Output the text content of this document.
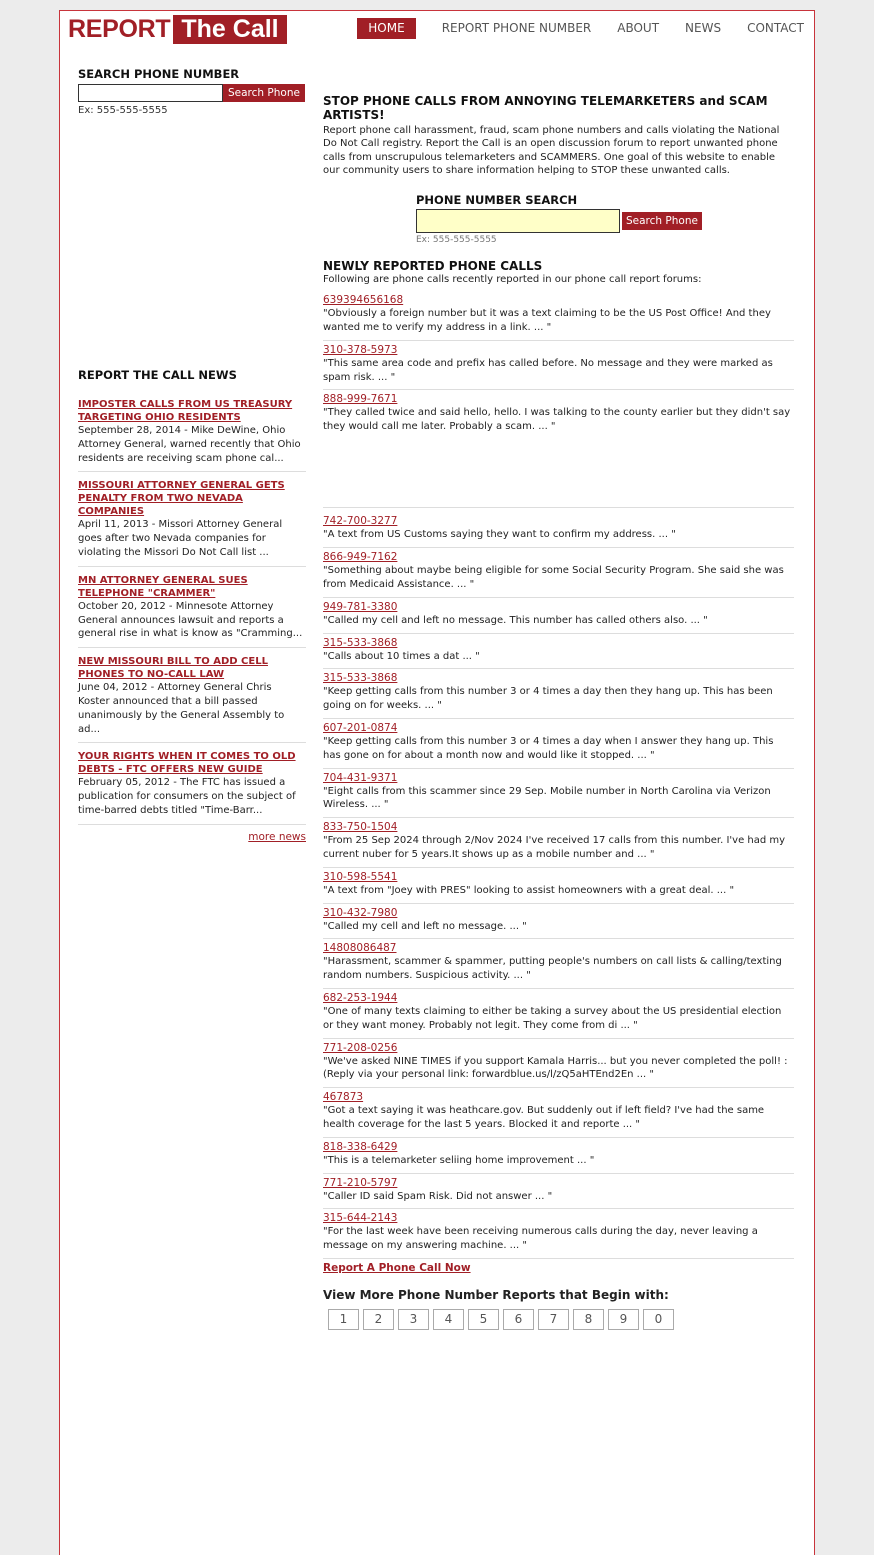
REPORT The Call	HOME	REPORT PHONE NUMBER ABOUT NEWS CONTACT
SEARCH PHONE NUMBER
Search Phone
Ex: 555-555-5555
REPORT THE CALL NEWS
IMPOSTER CALLS FROM US TREASURY TARGETING OHIO RESIDENTS

September 28, 2014 - Mike DeWine, Ohio Attorney General, warned recently that Ohio residents are receiving scam phone cal...

MISSOURI ATTORNEY GENERAL GETS PENALTY FROM TWO NEVADA COMPANIES

April 11, 2013 - Missori Attorney General goes after two Nevada companies for violating the Missori Do Not Call list ...

MN ATTORNEY GENERAL SUES TELEPHONE "CRAMMER"

October 20, 2012 - Minnesote Attorney General announces lawsuit and reports a general rise in what is know as "Cramming...

NEW MISSOURI BILL TO ADD CELL PHONES TO NO-CALL LAW

June 04, 2012 - Attorney General Chris Koster announced that a bill passed unanimously by the General Assembly to ad...

YOUR RIGHTS WHEN IT COMES TO OLD DEBTS - FTC OFFERS NEW GUIDE

February 05, 2012 - The FTC has issued a publication for consumers on the subject of time-barred debts titled "Time-Barr...

more news
STOP PHONE CALLS FROM ANNOYING TELEMARKETERS and SCAM ARTISTS!

Report phone call harassment, fraud, scam phone numbers and calls violating the National Do Not Call registry. Report the Call is an open discussion forum to report unwanted phone calls from unscrupulous telemarketers and SCAMMERS. One goal of this website to enable our community users to share information helping to STOP these unwanted calls.

PHONE NUMBER SEARCH
Search Phone
Ex: 555-555-5555
NEWLY REPORTED PHONE CALLS
Following are phone calls recently reported in our phone call report forums:
639394656168

"Obviously a foreign number but it was a text claiming to be the US Post Office! And they wanted me to verify my address in a link. ... "

310-378-5973

"This same area code and prefix has called before. No message and they were marked as spam risk. ... "

888-999-7671

"They called twice and said hello, hello. I was talking to the county earlier but they didn't say they would call me later. Probably a scam. ... "

742-700-3277

"A text from US Customs saying they want to confirm my address. ... "

866-949-7162

"Something about maybe being eligible for some Social Security Program. She said she was from Medicaid Assistance. ... "

949-781-3380

"Called my cell and left no message. This number has called others also. ... "

315-533-3868

"Calls about 10 times a dat ... "

315-533-3868

"Keep getting calls from this number 3 or 4 times a day then they hang up. This has been going on for weeks. ... "

607-201-0874

"Keep getting calls from this number 3 or 4 times a day when I answer they hang up. This has gone on for about a month now and would like it stopped. ... "

704-431-9371

"Eight calls from this scammer since 29 Sep. Mobile number in North Carolina via Verizon Wireless. ... "

833-750-1504

"From 25 Sep 2024 through 2/Nov 2024 I've received 17 calls from this number. I've had my current nuber for 5 years.It shows up as a mobile number and ... "

310-598-5541

"A text from "Joey with PRES" looking to assist homeowners with a great deal. ... "

310-432-7980

"Called my cell and left no message. ... "

14808086487

"Harassment, scammer & spammer, putting people's numbers on call lists & calling/texting random numbers. Suspicious activity. ... "

682-253-1944

"One of many texts claiming to either be taking a survey about the US presidential election or they want money. Probably not legit. They come from di ... "

771-208-0256

"We've asked NINE TIMES if you support Kamala Harris... but you never completed the poll! :(Reply via your personal link: forwardblue.us/l/zQ5aHTEnd2En ... "

467873

"Got a text saying it was heathcare.gov. But suddenly out if left field? I've had the same health coverage for the last 5 years. Blocked it and reporte ... "

818-338-6429

"This is a telemarketer seliing home improvement ... "

771-210-5797

"Caller ID said Spam Risk. Did not answer ... "

315-644-2143

"For the last week have been receiving numerous calls during the day, never leaving a message on my answering machine. ... "

Report A Phone Call Now
View More Phone Number Reports that Begin with:
1	2	3	4	5	6	7	8	9	0
